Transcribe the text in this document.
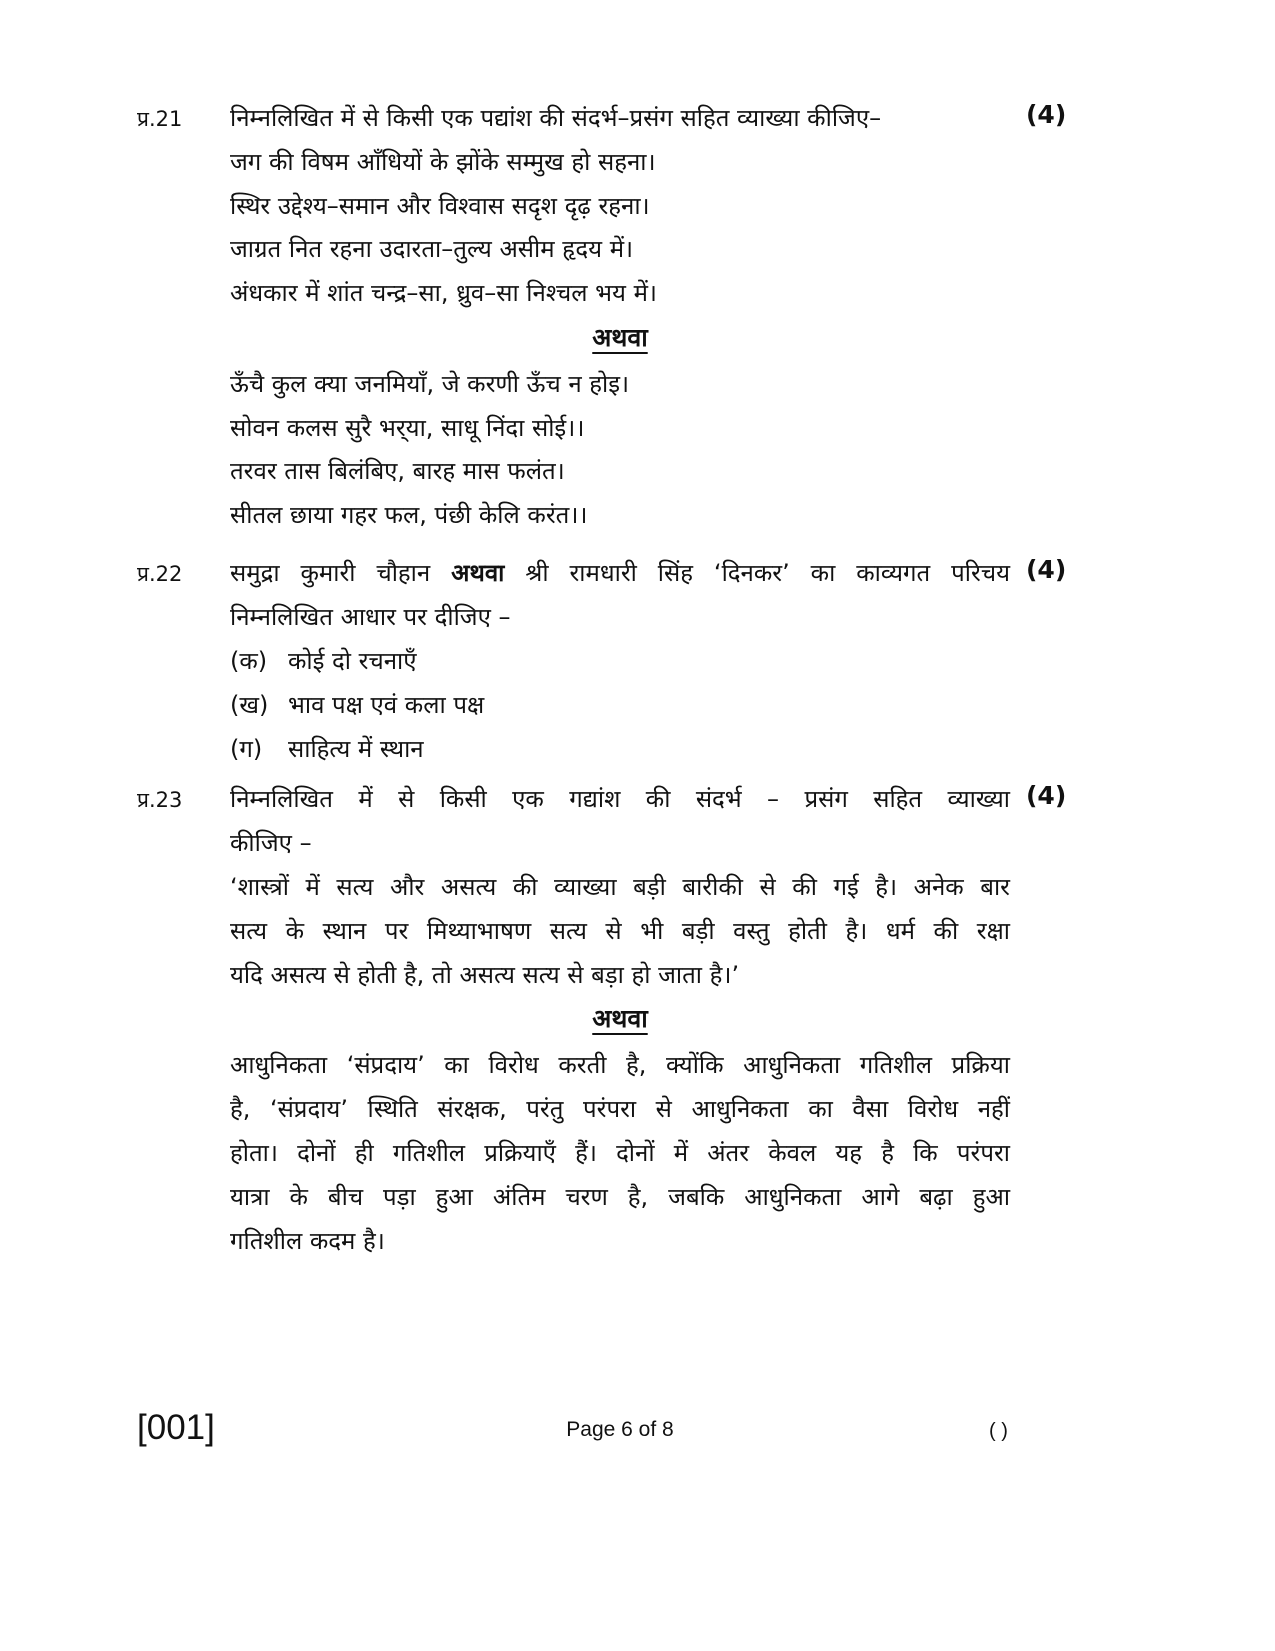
प्र.21 निम्नलिखित में से किसी एक पद्यांश की संदर्भ–प्रसंग सहित व्याख्या कीजिए–	(4)
जग की विषम आँधियों के झोंके सम्मुख हो सहना।
स्थिर उद्देश्य–समान और विश्वास सदृश दृढ़ रहना।
जाग्रत नित रहना उदारता–तुल्य असीम हृदय में।
अंधकार में शांत चन्द्र–सा, ध्रुव–सा निश्चल भय में।
अथवा
ऊँचै कुल क्या जनमियाँ, जे करणी ऊँच न होइ।
सोवन कलस सुरै भर्‌या, साधू निंदा सोई।।
तरवर तास बिलंबिए, बारह मास फलंत।
सीतल छाया गहर फल, पंछी केलि करंत।।
प्र.22 समुद्रा कुमारी चौहान अथवा श्री रामधारी सिंह ‘दिनकर’ का काव्यगत परिचय (4)
निम्नलिखित आधार पर दीजिए –
(क) कोई दो रचनाएँ
(ख) भाव पक्ष एवं कला पक्ष
(ग) साहित्य में स्थान
प्र.23 निम्नलिखित में से किसी एक गद्यांश की संदर्भ – प्रसंग सहित व्याख्या (4)
कीजिए –
‘शास्त्रों में सत्य और असत्य की व्याख्या बड़ी बारीकी से की गई है। अनेक बार
सत्य के स्थान पर मिथ्याभाषण सत्य से भी बड़ी वस्तु होती है। धर्म की रक्षा
यदि असत्य से होती है, तो असत्य सत्य से बड़ा हो जाता है।’
अथवा
आधुनिकता ‘संप्रदाय’ का विरोध करती है, क्योंकि आधुनिकता गतिशील प्रक्रिया
है, ‘संप्रदाय’ स्थिति संरक्षक, परंतु परंपरा से आधुनिकता का वैसा विरोध नहीं
होता। दोनों ही गतिशील प्रक्रियाएँ हैं। दोनों में अंतर केवल यह है कि परंपरा
यात्रा के बीच पड़ा हुआ अंतिम चरण है, जबकि आधुनिकता आगे बढ़ा हुआ
गतिशील कदम है।
[001]	Page 6 of 8	( )
